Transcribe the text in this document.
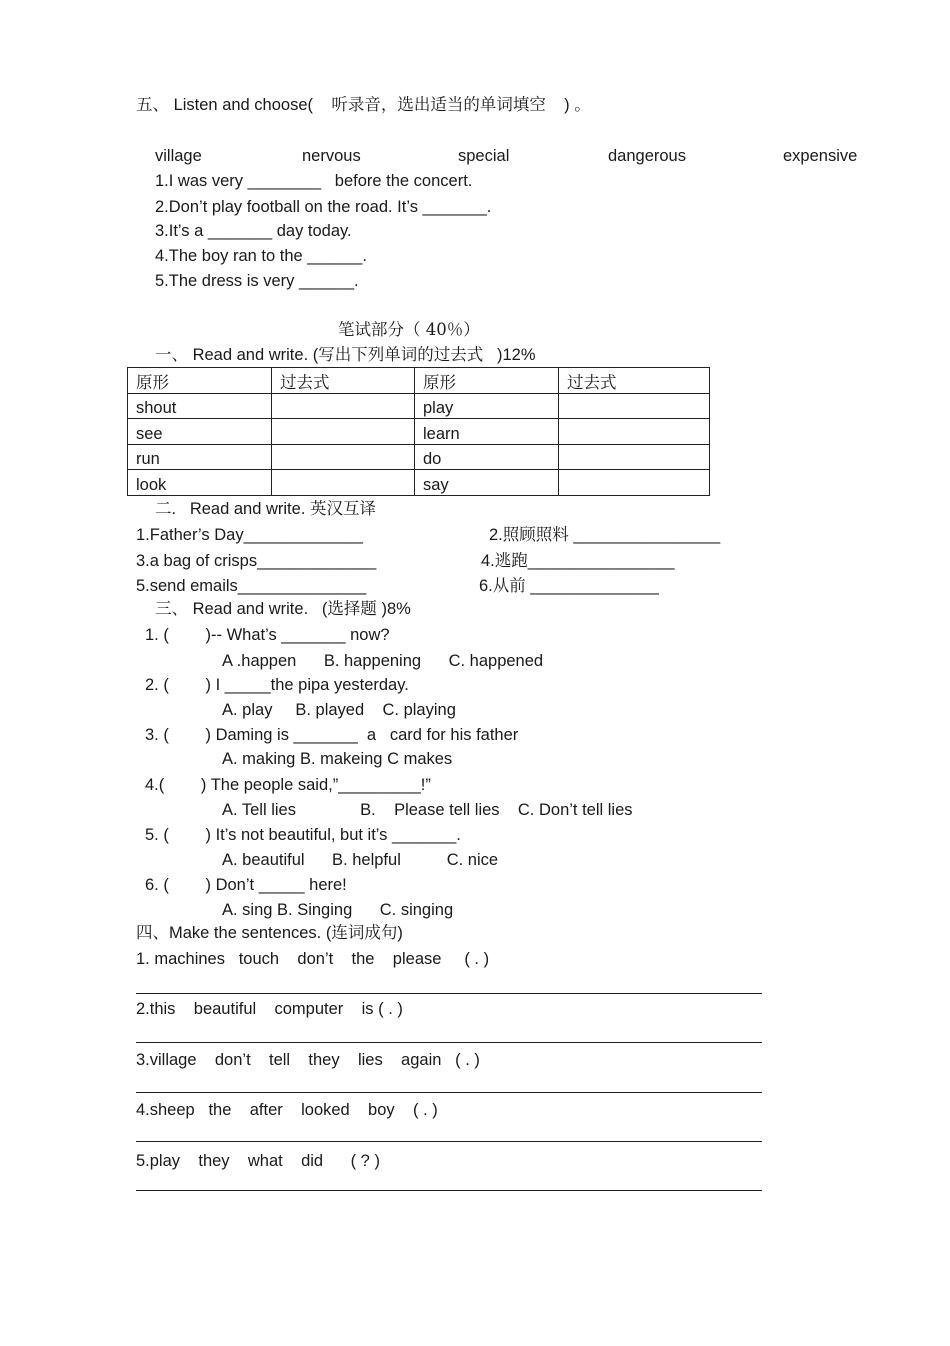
五、 Listen and choose(    听录音，选出适当的单词填空    ) 。
village	nervous	special	dangerous	expensive
1.I was very ________   before the concert.
2.Don’t play football on the road. It’s _______.
3.It’s a _______ day today.
4.The boy ran to the ______.
5.The dress is very ______.
笔试部分（ 40％）
一、 Read and write. (写出下列单词的过去式   )12%
原形	过去式	原形	过去式
shout		play	
see		learn	
run		do	
look		say	
二.   Read and write. 英汉互译
1.Father’s Day_____________	2.照顾照料 ________________
3.a bag of crisps_____________	4.逃跑________________
5.send emails______________	6.从前 ______________
三、 Read and write.   (选择题 )8%
1. (        )-- What’s _______ now?
A .happen      B. happening      C. happened
2. (        ) I _____the pipa yesterday.
A. play     B. played    C. playing
3. (        ) Daming is _______  a   card for his father
A. making B. makeing C makes
4.(        ) The people said,”_________!”
A. Tell lies              B.    Please tell lies    C. Don’t tell lies
5. (        ) It’s not beautiful, but it’s _______.
A. beautiful      B. helpful          C. nice
6. (        ) Don’t _____ here!
A. sing B. Singing      C. singing
四、Make the sentences. (连词成句)
1. machines   touch    don’t    the    please     ( . )
2.this    beautiful    computer    is ( . )
3.village    don’t    tell    they    lies    again   ( . )
4.sheep   the    after    looked    boy    ( . )
5.play    they    what    did      ( ? )
